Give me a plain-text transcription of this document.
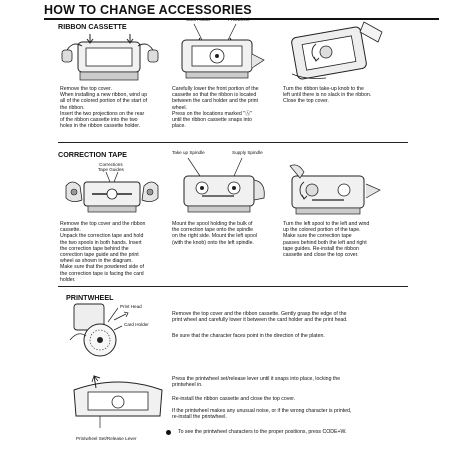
HOW TO CHANGE ACCESSORIES
RIBBON CASSETTE
Card Holder	Printwheel
Remove the top cover.
When installing a new ribbon, wind up
all of the colored portion of the start of
the ribbon.
Insert the two projections on the rear
of the ribbon cassette into the two
holes in the ribbon cassette holder.
Carefully lower the front portion of the
cassette so that the ribbon is located
between the card holder and the print
wheel.
Press on the locations marked "Ⓐ"
until the ribbon cassette snaps into
place.
Turn the ribbon take-up knob to the
left until there is no slack in the ribbon.
Close the top cover.
CORRECTION TAPE
Corrections
Tape Guides
Take up Spindle	Supply Spindle
Remove the top cover and the ribbon
cassette.
Unpack the correction tape and hold
the two spools in both hands. Insert
the correction tape behind the
correction tape guide and the print
wheel as shown in the diagram.
Make sure that the powdered side of
the correction tape is facing the card
holder.
Mount the spool holding the bulk of
the correction tape onto the spindle
on the right side. Mount the left spool
(with the knob) onto the left spindle.
Turn the left spool to the left and wind
up the colored portion of the tape.
Make sure the correction tape
passes behind both the left and right
tape guides. Re-install the ribbon
cassette and close the top cover.
PRINTWHEEL
Print Head
Card Holder
Printwheel Set/Release Lever
Remove the top cover and the ribbon cassette. Gently grasp the edge of the
print wheel and carefully lower it between the card holder and the print head.
Be sure that the character faces point in the direction of the platen.
Press the printwheel set/release lever until it snaps into place, locking the
printwheel in.
Re-install the ribbon cassette and close the top cover.
If the printwheel makes any unusual noise, or if the wrong character is printed,
re-install the printwheel.
To see the printwheel characters to the proper positions, press CODE+W.
